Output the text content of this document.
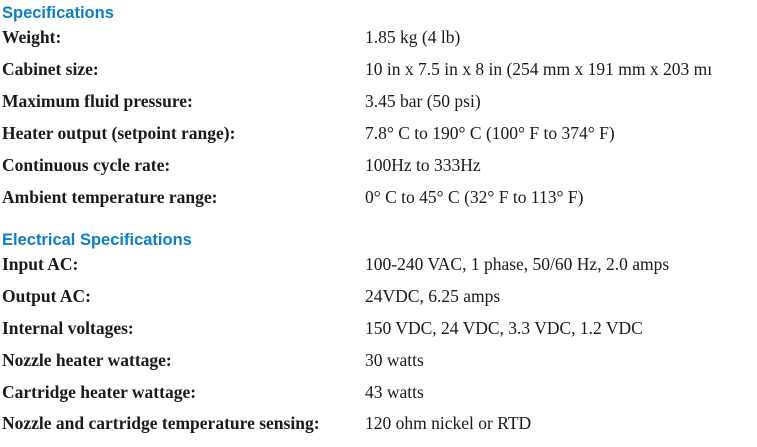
Specifications
Weight:	1.85 kg (4 lb)
Cabinet size:	10 in x 7.5 in x 8 in (254 mm x 191 mm x 203 mı
Maximum fluid pressure:	3.45 bar (50 psi)
Heater output (setpoint range):	7.8° C to 190° C (100° F to 374° F)
Continuous cycle rate:	100Hz to 333Hz
Ambient temperature range:	0° C to 45° C (32° F to 113° F)
Electrical Specifications
Input AC:	100-240 VAC, 1 phase, 50/60 Hz, 2.0 amps
Output AC:	24VDC, 6.25 amps
Internal voltages:	150 VDC, 24 VDC, 3.3 VDC, 1.2 VDC
Nozzle heater wattage:	30 watts
Cartridge heater wattage:	43 watts
Nozzle and cartridge temperature sensing:	120 ohm nickel or RTD
